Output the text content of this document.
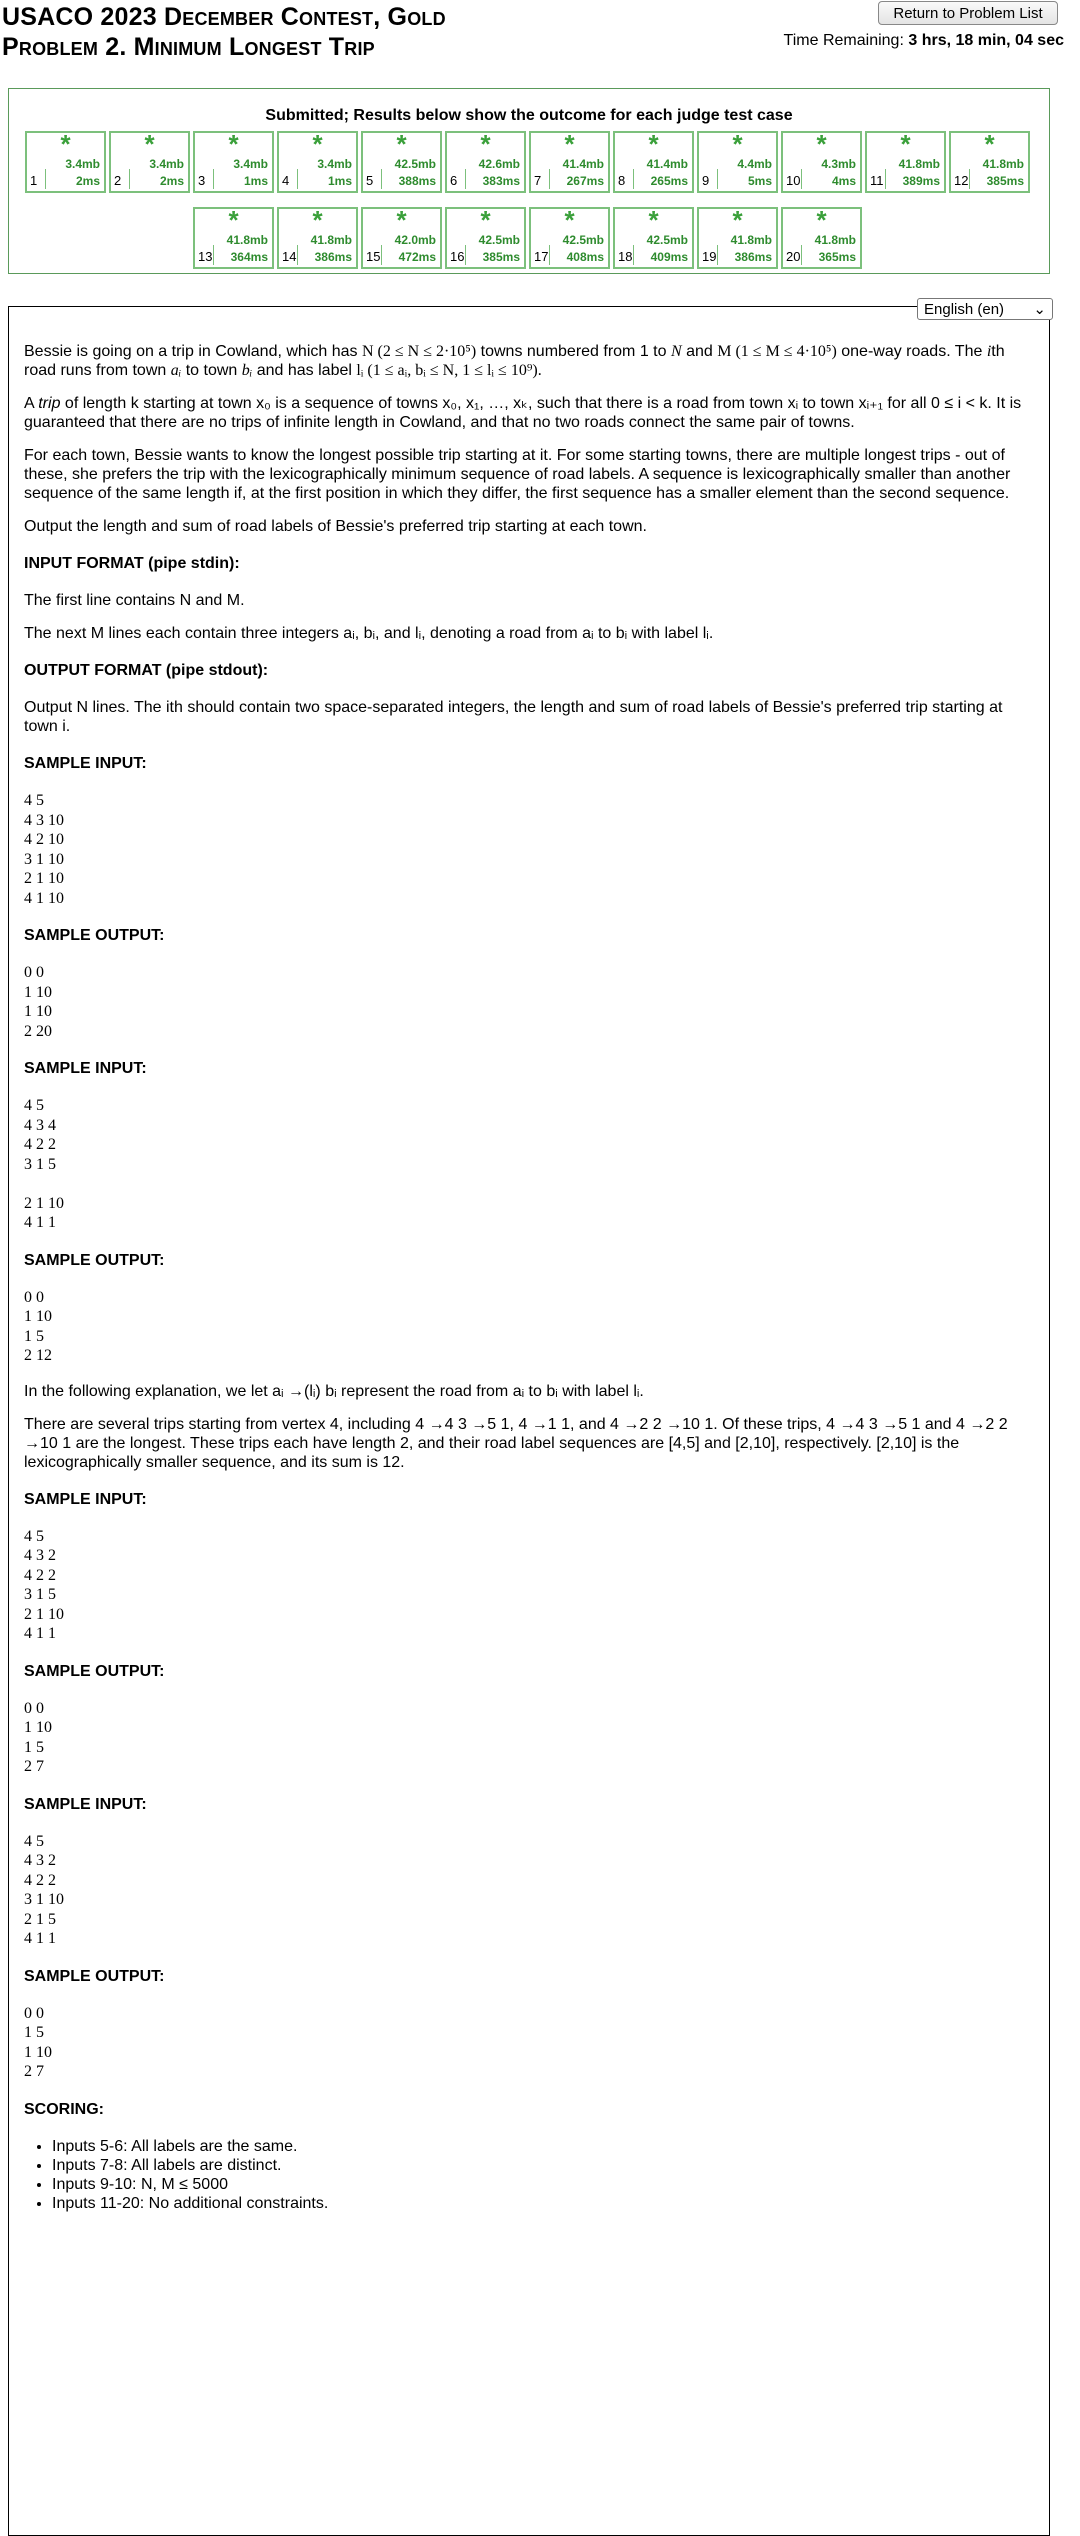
USACO 2023 December Contest, Gold
Problem 2. Minimum Longest Trip
Return to Problem List
Time Remaining: 3 hrs, 18 min, 04 sec
Submitted; Results below show the outcome for each judge test case
*
3.4mb
1	2ms
*
3.4mb
2	2ms
*
3.4mb
3	1ms
*
3.4mb
4	1ms
*
42.5mb
5 388ms
*
42.6mb
6 383ms
*
41.4mb
7 267ms
*
41.4mb
8 265ms
*
4.4mb
9	5ms
*
4.3mb
10	4ms
*
41.8mb
11 389ms
*
41.8mb
12 385ms
*
41.8mb
13 364ms
*
41.8mb
14 386ms
*
42.0mb
15 472ms
*
42.5mb
16 385ms
*
42.5mb
17 408ms
*
42.5mb
18 409ms
*
41.8mb
19 386ms
*
41.8mb
20 365ms
English (en) ⌄

Bessie is going on a trip in Cowland, which has N (2 ≤ N ≤ 2·10⁵) towns numbered from 1 to N and M (1 ≤ M ≤ 4·10⁵) one-way roads. The ith road runs from town aᵢ to town bᵢ and has label lᵢ (1 ≤ aᵢ, bᵢ ≤ N, 1 ≤ lᵢ ≤ 10⁹).

A trip of length k starting at town x₀ is a sequence of towns x₀, x₁, …, xₖ, such that there is a road from town xᵢ to town xᵢ₊₁ for all 0 ≤ i < k. It is guaranteed that there are no trips of infinite length in Cowland, and that no two roads connect the same pair of towns.

For each town, Bessie wants to know the longest possible trip starting at it. For some starting towns, there are multiple longest trips - out of these, she prefers the trip with the lexicographically minimum sequence of road labels. A sequence is lexicographically smaller than another sequence of the same length if, at the first position in which they differ, the first sequence has a smaller element than the second sequence.

Output the length and sum of road labels of Bessie's preferred trip starting at each town.

INPUT FORMAT (pipe stdin):

The first line contains N and M.

The next M lines each contain three integers aᵢ, bᵢ, and lᵢ, denoting a road from aᵢ to bᵢ with label lᵢ.

OUTPUT FORMAT (pipe stdout):

Output N lines. The ith should contain two space-separated integers, the length and sum of road labels of Bessie's preferred trip starting at town i.

SAMPLE INPUT:
4 5
4 3 10
4 2 10
3 1 10
2 1 10
4 1 10
SAMPLE OUTPUT:
0 0
1 10
1 10
2 20
SAMPLE INPUT:
4 5
4 3 4
4 2 2
3 1 5

2 1 10
4 1 1
SAMPLE OUTPUT:
0 0
1 10
1 5
2 12

In the following explanation, we let aᵢ →(lᵢ) bᵢ represent the road from aᵢ to bᵢ with label lᵢ.

There are several trips starting from vertex 4, including 4 →4 3 →5 1, 4 →1 1, and 4 →2 2 →10 1. Of these trips, 4 →4 3 →5 1 and 4 →2 2 →10 1 are the longest. These trips each have length 2, and their road label sequences are [4,5] and [2,10], respectively. [2,10] is the lexicographically smaller sequence, and its sum is 12.

SAMPLE INPUT:
4 5
4 3 2
4 2 2
3 1 5
2 1 10
4 1 1
SAMPLE OUTPUT:
0 0
1 10
1 5
2 7
SAMPLE INPUT:
4 5
4 3 2
4 2 2
3 1 10
2 1 5
4 1 1
SAMPLE OUTPUT:
0 0
1 5
1 10
2 7
SCORING:
• Inputs 5-6: All labels are the same.
• Inputs 7-8: All labels are distinct.
• Inputs 9-10: N, M ≤ 5000
• Inputs 11-20: No additional constraints.
